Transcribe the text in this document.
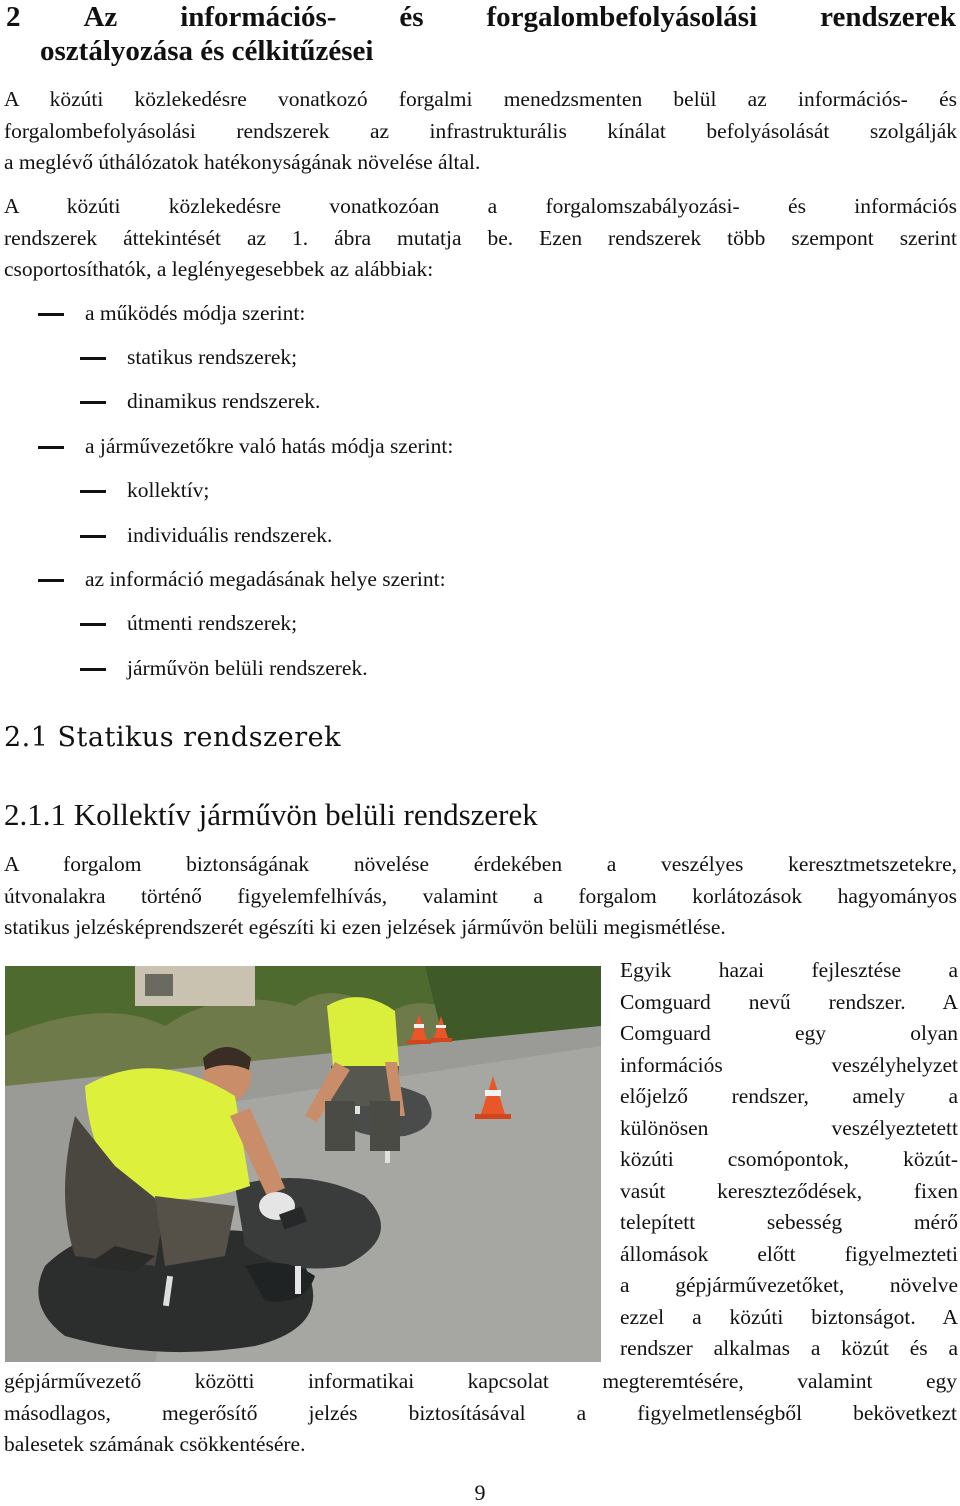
2 Az információs- és forgalombefolyásolási rendszerek
osztályozása és célkitűzései
A közúti közlekedésre vonatkozó forgalmi menedzsmenten belül az információs- és
forgalombefolyásolási rendszerek az infrastrukturális kínálat befolyásolását szolgálják
a meglévő úthálózatok hatékonyságának növelése által.
A közúti közlekedésre vonatkozóan a forgalomszabályozási- és információs
rendszerek áttekintését az 1. ábra mutatja be. Ezen rendszerek több szempont szerint
csoportosíthatók, a leglényegesebbek az alábbiak:
a működés módja szerint:
statikus rendszerek;
dinamikus rendszerek.
a járművezetőkre való hatás módja szerint:
kollektív;
individuális rendszerek.
az információ megadásának helye szerint:
útmenti rendszerek;
járművön belüli rendszerek.
2.1 Statikus rendszerek
2.1.1 Kollektív járművön belüli rendszerek
A forgalom biztonságának növelése érdekében a veszélyes keresztmetszetekre,
útvonalakra történő figyelemfelhívás, valamint a forgalom korlátozások hagyományos
statikus jelzésképrendszerét egészíti ki ezen jelzések járművön belüli megismétlése.
Egyik hazai fejlesztése a
Comguard nevű rendszer. A
Comguard egy olyan
információs veszélyhelyzet
előjelző rendszer, amely a
különösen veszélyeztetett
közúti csomópontok, közút-
vasút kereszteződések, fixen
telepített sebesség mérő
állomások előtt figyelmezteti
a gépjárművezetőket, növelve
ezzel a közúti biztonságot. A
rendszer alkalmas a közút és a
gépjárművezető közötti informatikai kapcsolat megteremtésére, valamint egy
másodlagos, megerősítő jelzés biztosításával a figyelmetlenségből bekövetkezt
balesetek számának csökkentésére.
9
